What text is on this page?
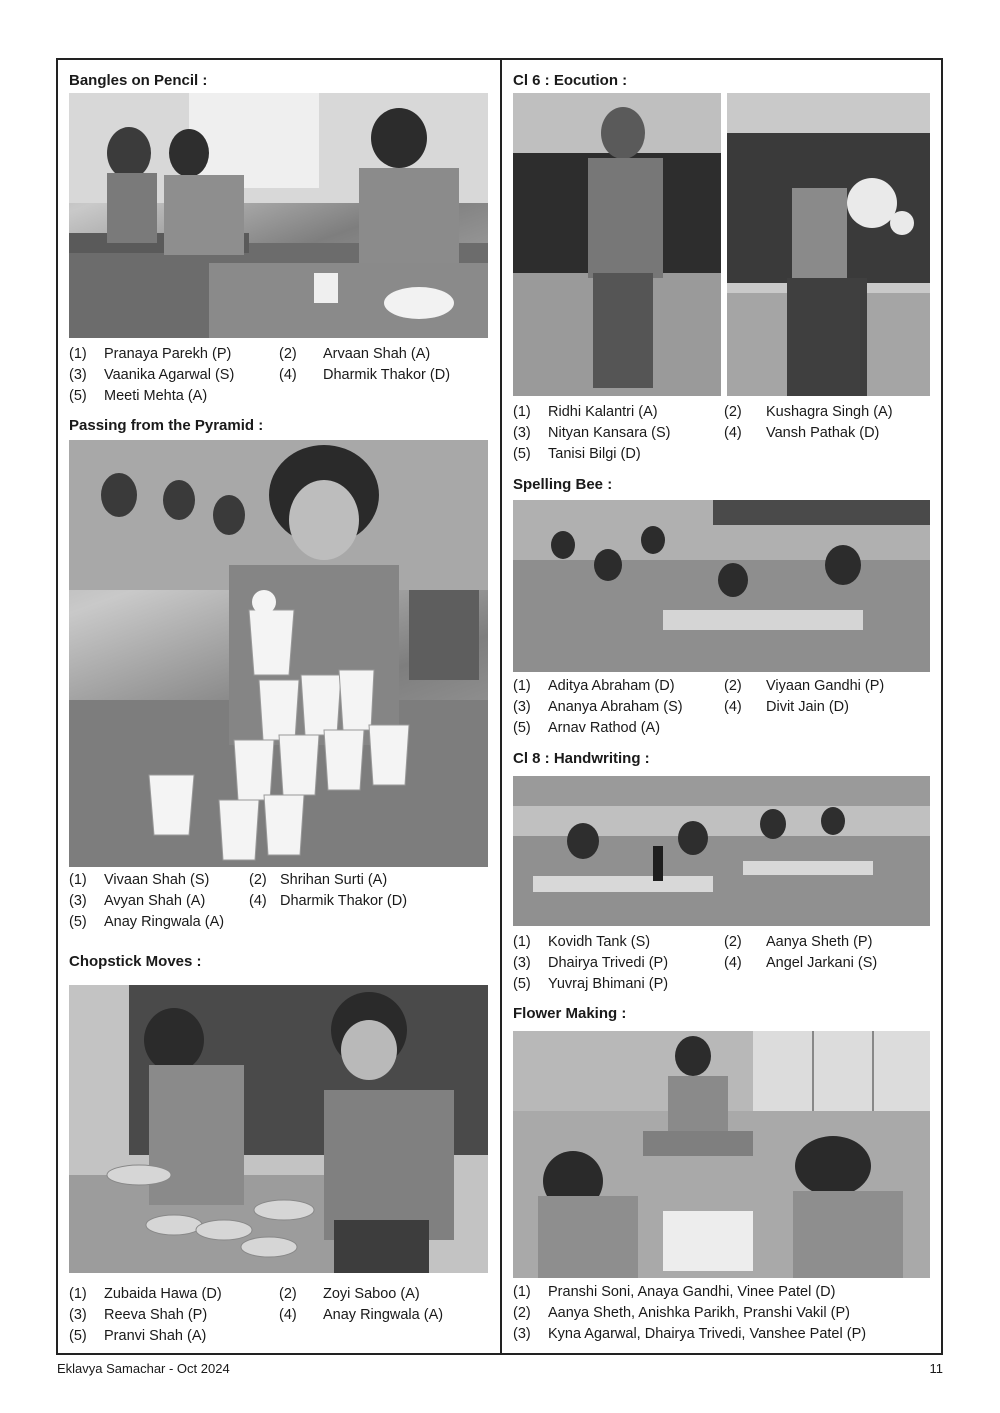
Bangles on Pencil :
(1) Pranaya Parekh (P)	(2) Arvaan Shah (A)
(3) Vaanika Agarwal (S)	(4) Dharmik Thakor (D)
(5) Meeti Mehta (A)
Passing from the Pyramid :
(1) Vivaan Shah (S)	(2) Shrihan Surti (A)
(3) Avyan Shah (A)	(4) Dharmik Thakor (D)
(5) Anay Ringwala (A)
Chopstick Moves :
(1) Zubaida Hawa (D)	(2) Zoyi Saboo (A)
(3) Reeva Shah (P)	(4) Anay Ringwala (A)
(5) Pranvi Shah (A)
Cl 6 : Eocution :
(1) Ridhi Kalantri (A)	(2) Kushagra Singh (A)
(3) Nityan Kansara (S)	(4) Vansh Pathak (D)
(5) Tanisi Bilgi (D)
Spelling Bee :
(1) Aditya Abraham (D)	(2) Viyaan Gandhi (P)
(3) Ananya Abraham (S)	(4) Divit Jain (D)
(5) Arnav Rathod (A)
Cl 8 : Handwriting :
(1) Kovidh Tank (S)	(2) Aanya Sheth (P)
(3) Dhairya Trivedi (P)	(4) Angel Jarkani (S)
(5) Yuvraj Bhimani (P)
Flower Making :
(1) Pranshi Soni, Anaya Gandhi, Vinee Patel (D)
(2) Aanya Sheth, Anishka Parikh, Pranshi Vakil (P)
(3) Kyna Agarwal, Dhairya Trivedi, Vanshee Patel (P)
Eklavya Samachar - Oct 2024	11
